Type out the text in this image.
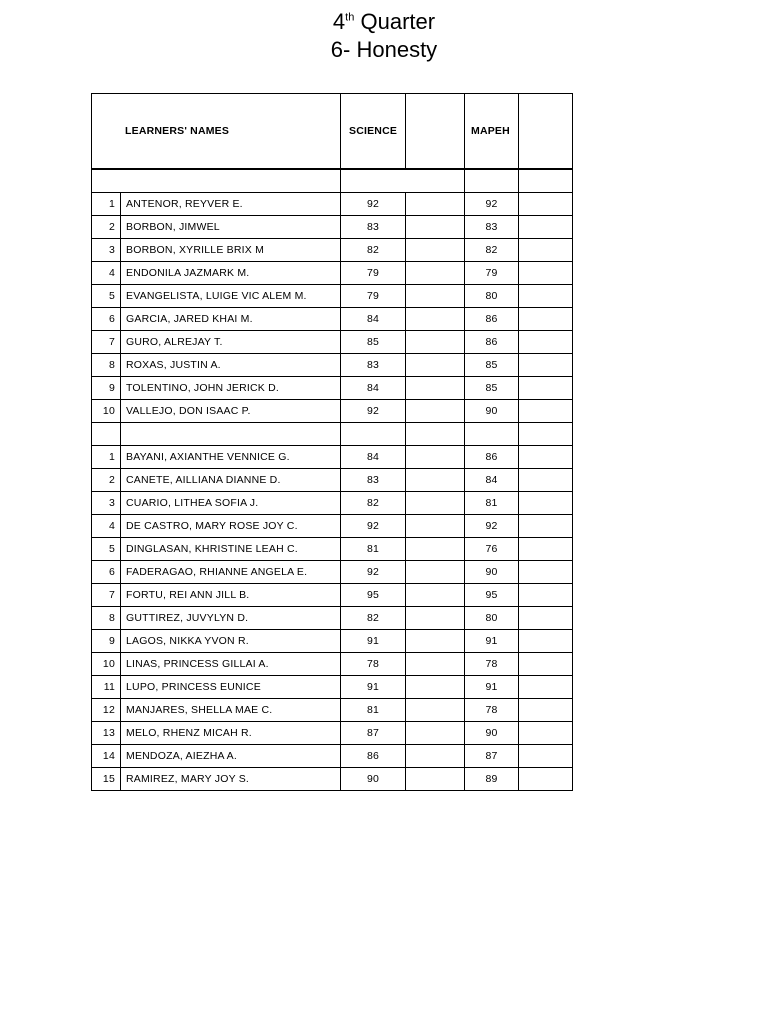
4th Quarter
6- Honesty
LEARNERS' NAMES		SCIENCE		MAPEH	

1	ANTENOR, REYVER E.	92		92	
2	BORBON, JIMWEL	83		83	
3	BORBON, XYRILLE BRIX M	82		82	
4	ENDONILA JAZMARK M.	79		79	
5	EVANGELISTA, LUIGE VIC ALEM M.	79		80	
6	GARCIA, JARED KHAI M.	84		86	
7	GURO, ALREJAY T.	85		86	
8	ROXAS, JUSTIN A.	83		85	
9	TOLENTINO, JOHN JERICK D.	84		85	
10	VALLEJO, DON ISAAC P.	92		90	

1	BAYANI, AXIANTHE VENNICE G.	84		86	
2	CANETE, AILLIANA DIANNE D.	83		84	
3	CUARIO, LITHEA SOFIA J.	82		81	
4	DE CASTRO, MARY ROSE JOY C.	92		92	
5	DINGLASAN, KHRISTINE LEAH C.	81		76	
6	FADERAGAO, RHIANNE ANGELA E.	92		90	
7	FORTU, REI ANN JILL B.	95		95	
8	GUTTIREZ, JUVYLYN D.	82		80	
9	LAGOS, NIKKA YVON R.	91		91	
10	LINAS, PRINCESS GILLAI A.	78		78	
11	LUPO, PRINCESS EUNICE	91		91	
12	MANJARES, SHELLA MAE C.	81		78	
13	MELO, RHENZ MICAH R.	87		90	
14	MENDOZA, AIEZHA A.	86		87	
15	RAMIREZ, MARY JOY S.	90		89	
